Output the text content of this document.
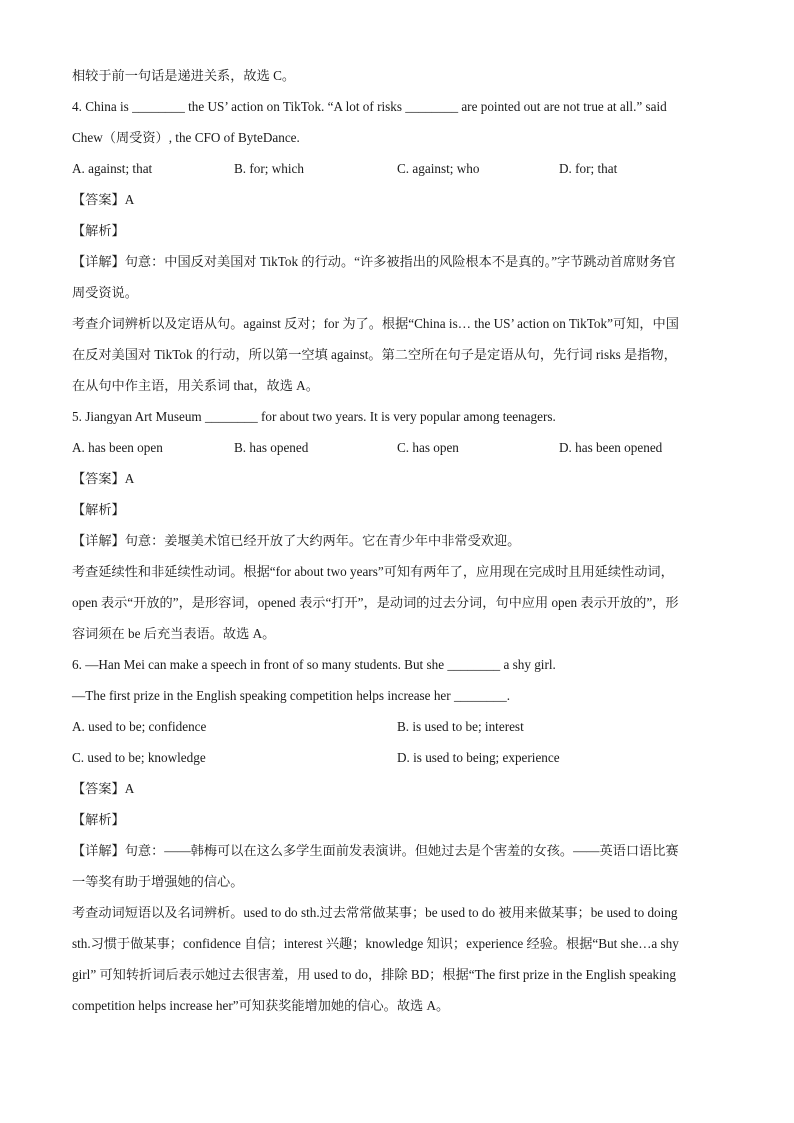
相较于前一句话是递进关系，故选 C。
4. China is ________ the US’ action on TikTok. “A lot of risks ________ are pointed out are not true at all.” said
Chew（周受资）, the CFO of ByteDance.
A. against; that	B. for; which	C. against; who	D. for; that
【答案】A
【解析】
【详解】句意：中国反对美国对 TikTok 的行动。“许多被指出的风险根本不是真的。”字节跳动首席财务官
周受资说。
考查介词辨析以及定语从句。against 反对；for 为了。根据“China is… the US’ action on TikTok”可知，中国
在反对美国对 TikTok 的行动，所以第一空填 against。第二空所在句子是定语从句，先行词 risks 是指物，
在从句中作主语，用关系词 that，故选 A。
5. Jiangyan Art Museum ________ for about two years. It is very popular among teenagers.
A. has been open	B. has opened	C. has open	D. has been opened
【答案】A
【解析】
【详解】句意：姜堰美术馆已经开放了大约两年。它在青少年中非常受欢迎。
考查延续性和非延续性动词。根据“for about two years”可知有两年了，应用现在完成时且用延续性动词，
open 表示“开放的”，是形容词，opened 表示“打开”，是动词的过去分词，句中应用 open 表示开放的”，形
容词须在 be 后充当表语。故选 A。
6. —Han Mei can make a speech in front of so many students. But she ________ a shy girl.
—The first prize in the English speaking competition helps increase her ________.
A. used to be; confidence	B. is used to be; interest
C. used to be; knowledge	D. is used to being; experience
【答案】A
【解析】
【详解】句意：——韩梅可以在这么多学生面前发表演讲。但她过去是个害羞的女孩。——英语口语比赛
一等奖有助于增强她的信心。
考查动词短语以及名词辨析。used to do sth.过去常常做某事；be used to do 被用来做某事；be used to doing
sth.习惯于做某事；confidence 自信；interest 兴趣；knowledge 知识；experience 经验。根据“But she…a shy
girl” 可知转折词后表示她过去很害羞，用 used to do，排除 BD；根据“The first prize in the English speaking
competition helps increase her”可知获奖能增加她的信心。故选 A。
